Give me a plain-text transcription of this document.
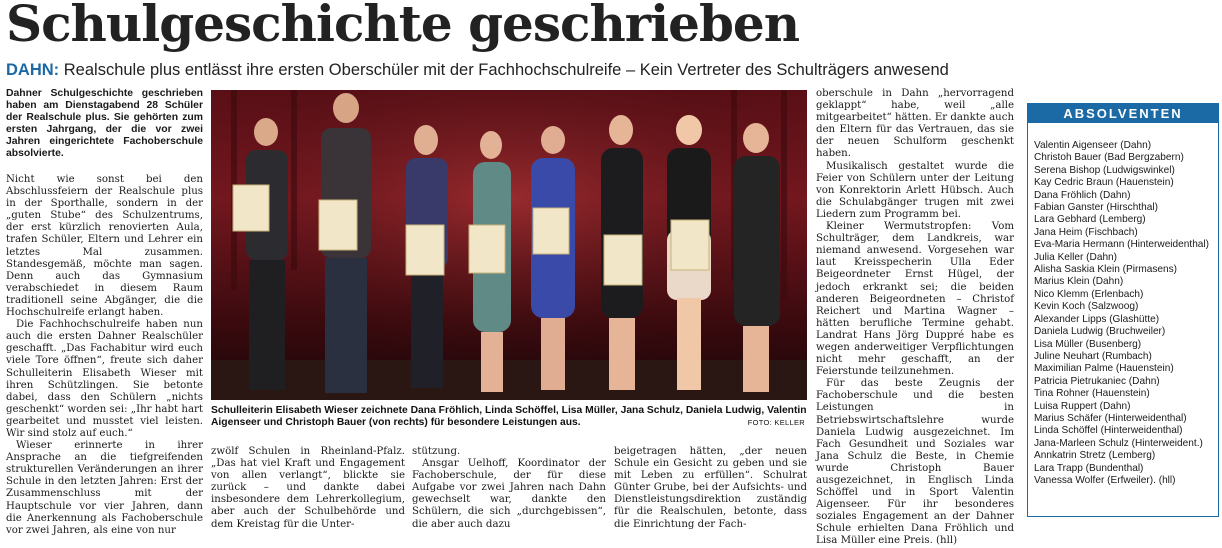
Schulgeschichte geschrieben
DAHN: Realschule plus entlässt ihre ersten Oberschüler mit der Fachhochschulreife – Kein Vertreter des Schulträgers anwesend

Dahner Schulgeschichte geschrieben haben am Dienstagabend 28 Schüler der Realschule plus. Sie gehörten zum ersten Jahrgang, der die vor zwei Jahren eingerichtete Fachoberschule absolvierte.

Nicht wie sonst bei den Abschlussfeiern der Realschule plus in der Sporthalle, sondern in der „guten Stube“ des Schulzentrums, der erst kürzlich renovierten Aula, trafen Schüler, Eltern und Lehrer ein letztes Mal zusammen. Standesgemäß, möchte man sagen. Denn auch das Gymnasium verabschiedet in diesem Raum traditionell seine Abgänger, die die Hochschulreife erlangt haben.

Die Fachhochschulreife haben nun auch die ersten Dahner Realschüler geschafft. „Das Fachabitur wird euch viele Tore öffnen“, freute sich daher Schulleiterin Elisabeth Wieser mit ihren Schützlingen. Sie betonte dabei, dass den Schülern „nichts geschenkt“ worden sei: „Ihr habt hart gearbeitet und musstet viel leisten. Wir sind stolz auf euch.“

Wieser erinnerte in ihrer Ansprache an die tiefgreifenden strukturellen Veränderungen an ihrer Schule in den letzten Jahren: Erst der Zusammenschluss mit der Hauptschule vor vier Jahren, dann die Anerkennung als Fachoberschule vor zwei Jahren, als eine von nur

Schulleiterin Elisabeth Wieser zeichnete Dana Fröhlich, Linda Schöffel, Lisa Müller, Jana Schulz, Daniela Ludwig, Valentin Aigenseer und Christoph Bauer (von rechts) für besondere Leistungen aus.	FOTO: KELLER

zwölf Schulen in Rheinland-Pfalz. „Das hat viel Kraft und Engagement von allen verlangt“, blickte sie zurück – und dankte dabei insbesondere dem Lehrerkollegium, aber auch der Schulbehörde und dem Kreistag für die Unter-

stützung.

Ansgar Uelhoff, Koordinator der Fachoberschule, der für diese Aufgabe vor zwei Jahren nach Dahn gewechselt war, dankte den Schülern, die sich „durchgebissen“, die aber auch dazu

beigetragen hätten, „der neuen Schule ein Gesicht zu geben und sie mit Leben zu erfüllen“. Schulrat Günter Grube, bei der Aufsichts- und Dienstleistungsdirektion zuständig für die Realschulen, betonte, dass die Einrichtung der Fach-

oberschule in Dahn „hervorragend geklappt“ habe, weil „alle mitgearbeitet“ hätten. Er dankte auch den Eltern für das Vertrauen, das sie der neuen Schulform geschenkt haben.

Musikalisch gestaltet wurde die Feier von Schülern unter der Leitung von Konrektorin Arlett Hübsch. Auch die Schulabgänger trugen mit zwei Liedern zum Programm bei.

Kleiner Wermutstropfen: Vom Schulträger, dem Landkreis, war niemand anwesend. Vorgesehen war laut Kreisspecherin Ulla Eder Beigeordneter Ernst Hügel, der jedoch erkrankt sei; die beiden anderen Beigeordneten – Christof Reichert und Martina Wagner – hätten berufliche Termine gehabt. Landrat Hans Jörg Duppré habe es wegen anderweitiger Verpflichtungen nicht mehr geschafft, an der Feierstunde teilzunehmen.

Für das beste Zeugnis der Fachoberschule und die besten Leistungen in Betriebswirtschaftslehre wurde Daniela Ludwig ausgezeichnet. Im Fach Gesundheit und Soziales war Jana Schulz die Beste, in Chemie wurde Christoph Bauer ausgezeichnet, in Englisch Linda Schöffel und in Sport Valentin Aigenseer. Für ihr besonderes soziales Engagement an der Dahner Schule erhielten Dana Fröhlich und Lisa Müller eine Preis. (hll)

ABSOLVENTEN
Valentin Aigenseer (Dahn)
Christoh Bauer (Bad Bergzabern)
Serena Bishop (Ludwigswinkel)
Kay Cedric Braun (Hauenstein)
Dana Fröhlich (Dahn)
Fabian Ganster (Hirschthal)
Lara Gebhard (Lemberg)
Jana Heim (Fischbach)
Eva-Maria Hermann (Hinterweidenthal)
Julia Keller (Dahn)
Alisha Saskia Klein (Pirmasens)
Marius Klein (Dahn)
Nico Klemm (Erlenbach)
Kevin Koch (Salzwoog)
Alexander Lipps (Glashütte)
Daniela Ludwig (Bruchweiler)
Lisa Müller (Busenberg)
Juline Neuhart (Rumbach)
Maximilian Palme (Hauenstein)
Patricia Pietrukaniec (Dahn)
Tina Rohner (Hauenstein)
Luisa Ruppert (Dahn)
Marius Schäfer (Hinterweidenthal)
Linda Schöffel (Hinterweidenthal)
Jana-Marleen Schulz (Hinterweident.)
Annkatrin Stretz (Lemberg)
Lara Trapp (Bundenthal)
Vanessa Wolfer (Erfweiler). (hll)
